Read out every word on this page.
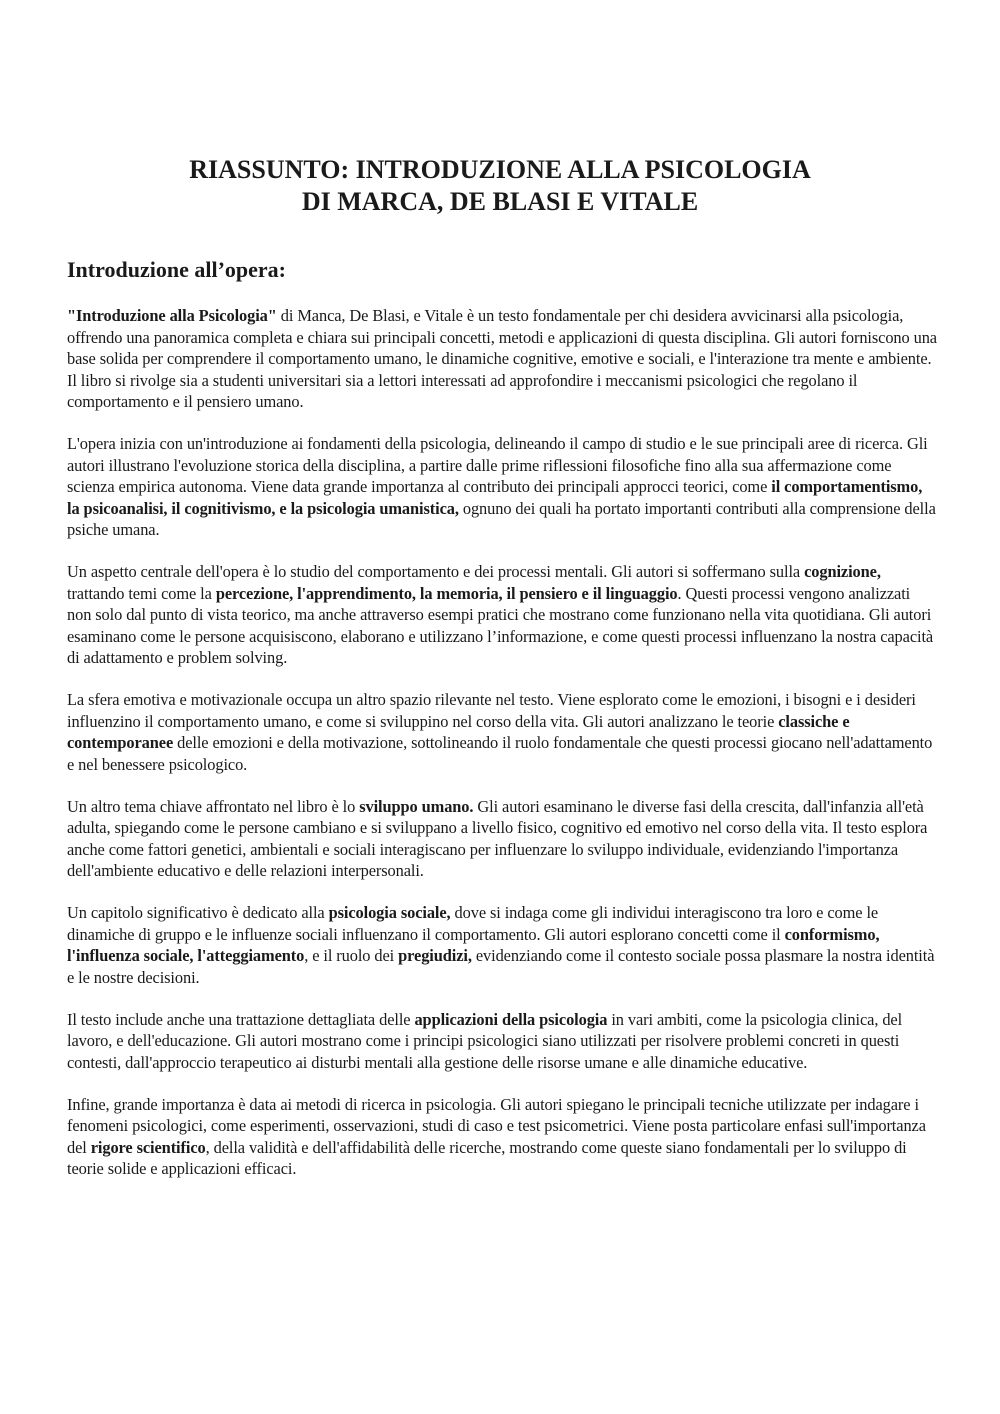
RIASSUNTO: INTRODUZIONE ALLA PSICOLOGIA
DI MARCA, DE BLASI E VITALE
Introduzione all’opera:

"Introduzione alla Psicologia" di Manca, De Blasi, e Vitale è un testo fondamentale per chi desidera avvicinarsi alla psicologia, offrendo una panoramica completa e chiara sui principali concetti, metodi e applicazioni di questa disciplina. Gli autori forniscono una base solida per comprendere il comportamento umano, le dinamiche cognitive, emotive e sociali, e l'interazione tra mente e ambiente. Il libro si rivolge sia a studenti universitari sia a lettori interessati ad approfondire i meccanismi psicologici che regolano il comportamento e il pensiero umano.

L'opera inizia con un'introduzione ai fondamenti della psicologia, delineando il campo di studio e le sue principali aree di ricerca. Gli autori illustrano l'evoluzione storica della disciplina, a partire dalle prime riflessioni filosofiche fino alla sua affermazione come scienza empirica autonoma. Viene data grande importanza al contributo dei principali approcci teorici, come il comportamentismo, la psicoanalisi, il cognitivismo, e la psicologia umanistica, ognuno dei quali ha portato importanti contributi alla comprensione della psiche umana.

Un aspetto centrale dell'opera è lo studio del comportamento e dei processi mentali. Gli autori si soffermano sulla cognizione, trattando temi come la percezione, l'apprendimento, la memoria, il pensiero e il linguaggio. Questi processi vengono analizzati non solo dal punto di vista teorico, ma anche attraverso esempi pratici che mostrano come funzionano nella vita quotidiana. Gli autori esaminano come le persone acquisiscono, elaborano e utilizzano l’informazione, e come questi processi influenzano la nostra capacità di adattamento e problem solving.

La sfera emotiva e motivazionale occupa un altro spazio rilevante nel testo. Viene esplorato come le emozioni, i bisogni e i desideri influenzino il comportamento umano, e come si sviluppino nel corso della vita. Gli autori analizzano le teorie classiche e contemporanee delle emozioni e della motivazione, sottolineando il ruolo fondamentale che questi processi giocano nell'adattamento e nel benessere psicologico.

Un altro tema chiave affrontato nel libro è lo sviluppo umano. Gli autori esaminano le diverse fasi della crescita, dall'infanzia all'età adulta, spiegando come le persone cambiano e si sviluppano a livello fisico, cognitivo ed emotivo nel corso della vita. Il testo esplora anche come fattori genetici, ambientali e sociali interagiscano per influenzare lo sviluppo individuale, evidenziando l'importanza dell'ambiente educativo e delle relazioni interpersonali.

Un capitolo significativo è dedicato alla psicologia sociale, dove si indaga come gli individui interagiscono tra loro e come le dinamiche di gruppo e le influenze sociali influenzano il comportamento. Gli autori esplorano concetti come il conformismo, l'influenza sociale, l'atteggiamento, e il ruolo dei pregiudizi, evidenziando come il contesto sociale possa plasmare la nostra identità e le nostre decisioni.

Il testo include anche una trattazione dettagliata delle applicazioni della psicologia in vari ambiti, come la psicologia clinica, del lavoro, e dell'educazione. Gli autori mostrano come i principi psicologici siano utilizzati per risolvere problemi concreti in questi contesti, dall'approccio terapeutico ai disturbi mentali alla gestione delle risorse umane e alle dinamiche educative.

Infine, grande importanza è data ai metodi di ricerca in psicologia. Gli autori spiegano le principali tecniche utilizzate per indagare i fenomeni psicologici, come esperimenti, osservazioni, studi di caso e test psicometrici. Viene posta particolare enfasi sull'importanza del rigore scientifico, della validità e dell'affidabilità delle ricerche, mostrando come queste siano fondamentali per lo sviluppo di teorie solide e applicazioni efficaci.
